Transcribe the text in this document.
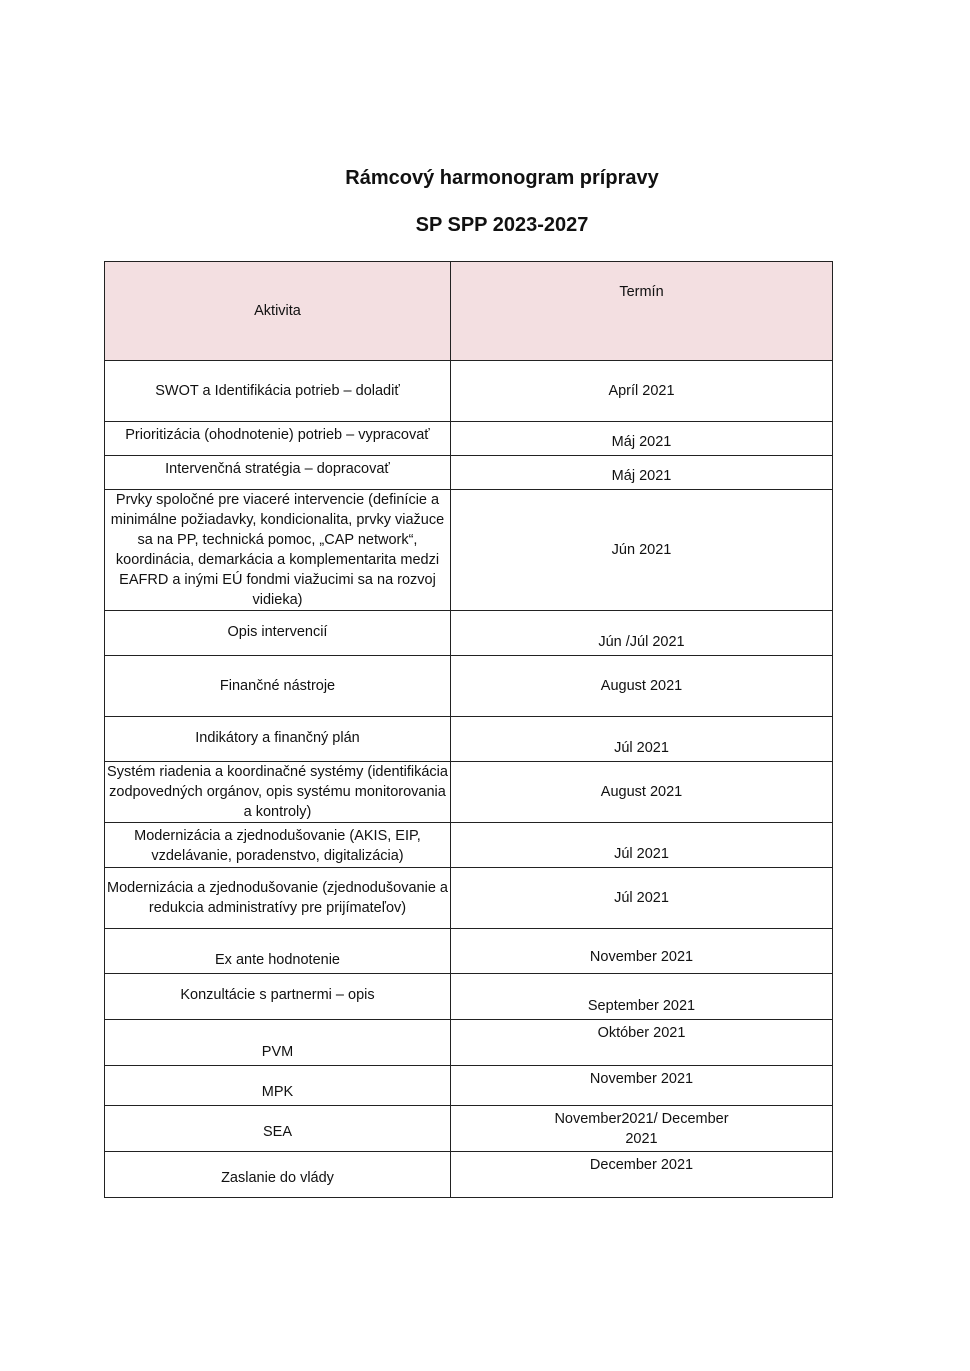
Rámcový harmonogram prípravy
SP SPP 2023-2027
Aktivita	Termín
SWOT a Identifikácia potrieb – doladiť	Apríl 2021
Prioritizácia (ohodnotenie) potrieb – vypracovať	Máj 2021
Intervenčná stratégia – dopracovať	Máj 2021
Prvky spoločné pre viaceré intervencie (definície a minimálne požiadavky, kondicionalita, prvky viažuce sa na PP, technická pomoc, „CAP network“, koordinácia, demarkácia a komplementarita medzi EAFRD a inými EÚ fondmi viažucimi sa na rozvoj vidieka)	Jún 2021
Opis intervencií	Jún /Júl 2021
Finančné nástroje	August 2021
Indikátory a finančný plán	Júl 2021
Systém riadenia a koordinačné systémy (identifikácia zodpovedných orgánov, opis systému monitorovania a kontroly)	August 2021
Modernizácia a zjednodušovanie (AKIS, EIP, vzdelávanie, poradenstvo, digitalizácia)	Júl 2021
Modernizácia a zjednodušovanie (zjednodušovanie a redukcia administratívy pre prijímateľov)	Júl 2021
Ex ante hodnotenie	November 2021
Konzultácie s partnermi – opis	September 2021
PVM	Október 2021
MPK	November 2021
SEA	November2021/ December 2021
Zaslanie do vlády	December 2021
